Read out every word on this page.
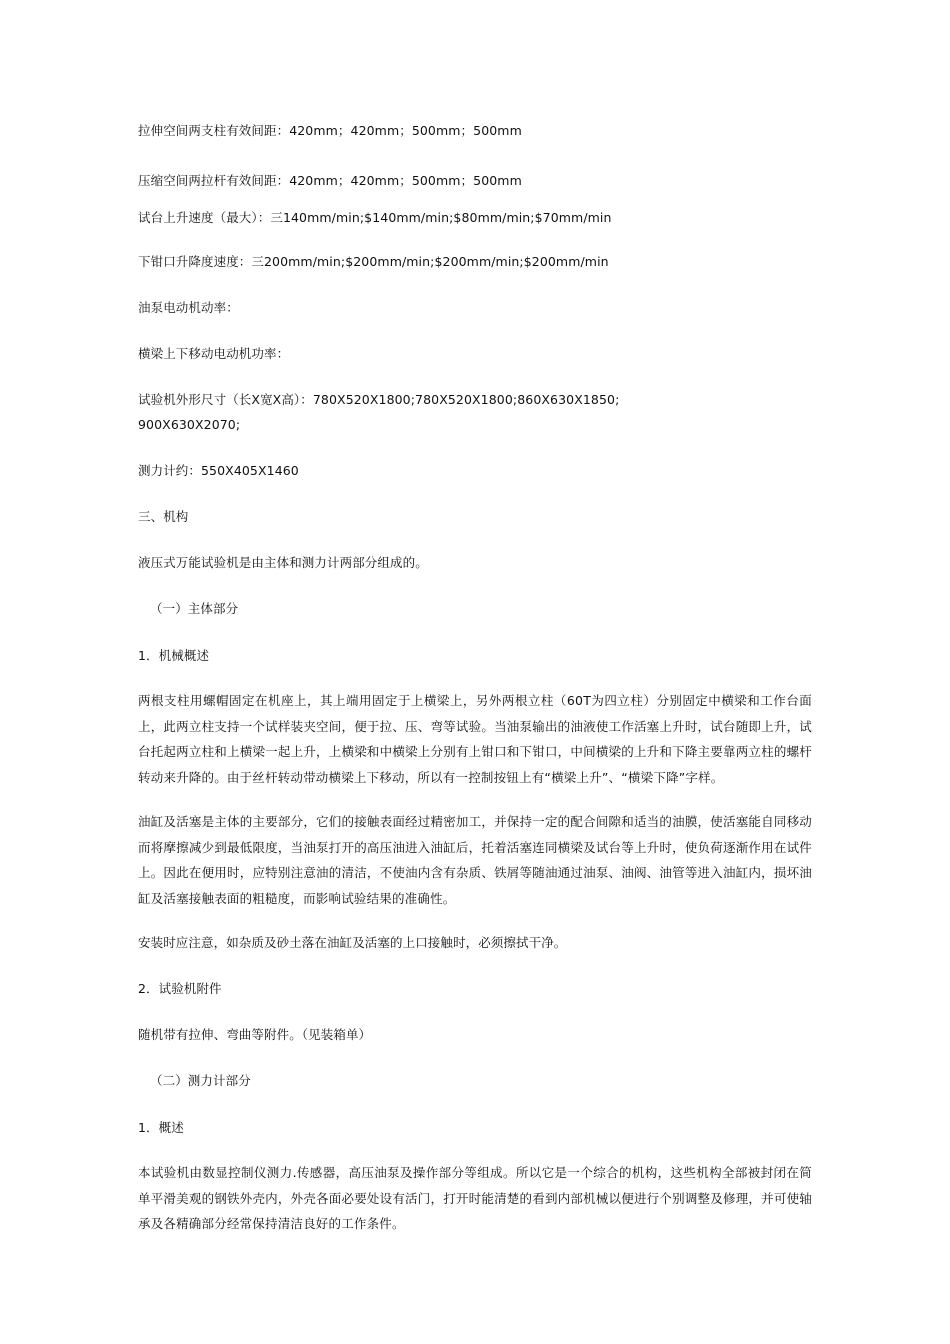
拉伸空间两支柱有效间距：420mm；420mm；500mm；500mm

压缩空间两拉杆有效间距：420mm；420mm；500mm；500mm

试台上升速度（最大）：三140mm/min;$140mm/min;$80mm/min;$70mm/min

下钳口升降度速度：三200mm/min;$200mm/min;$200mm/min;$200mm/min

油泵电动机动率：

横梁上下移动电动机功率：

试验机外形尺寸（长X宽X高）：780X520X1800;780X520X1800;860X630X1850;

900X630X2070;

测力计约：550X405X1460

三、机构

液压式万能试验机是由主体和测力计两部分组成的。

（一）主体部分

1．机械概述

两根支柱用螺帽固定在机座上，其上端用固定于上横梁上，另外两根立柱（60T为四立柱）分别固定中横梁和工作台面上，此两立柱支持一个试样装夹空间，便于拉、压、弯等试验。当油泵输出的油液使工作活塞上升时，试台随即上升，试台托起两立柱和上横梁一起上升，上横梁和中横梁上分别有上钳口和下钳口，中间横梁的上升和下降主要靠两立柱的螺杆转动来升降的。由于丝杆转动带动横梁上下移动，所以有一控制按钮上有“横梁上升”、“横梁下降”字样。

油缸及活塞是主体的主要部分，它们的接触表面经过精密加工，并保持一定的配合间隙和适当的油膜，使活塞能自同移动而将摩擦减少到最低限度，当油泵打开的高压油进入油缸后，托着活塞连同横梁及试台等上升时，使负荷逐渐作用在试件上。因此在便用时，应特别注意油的清洁，不使油内含有杂质、铁屑等随油通过油泵、油阀、油管等进入油缸内，损坏油缸及活塞接触表面的粗糙度，而影响试验结果的准确性。

安装时应注意，如杂质及砂土落在油缸及活塞的上口接触时，必须擦拭干净。

2．试验机附件

随机带有拉伸、弯曲等附件。（见装箱单）

（二）测力计部分

1．概述

本试验机由数显控制仪测力.传感器，高压油泵及操作部分等组成。所以它是一个综合的机构，这些机构全部被封闭在简单平滑美观的钢铁外壳内，外壳各面必要处设有活门，打开时能清楚的看到内部机械以便进行个别调整及修理，并可使轴承及各精确部分经常保持清洁良好的工作条件。
